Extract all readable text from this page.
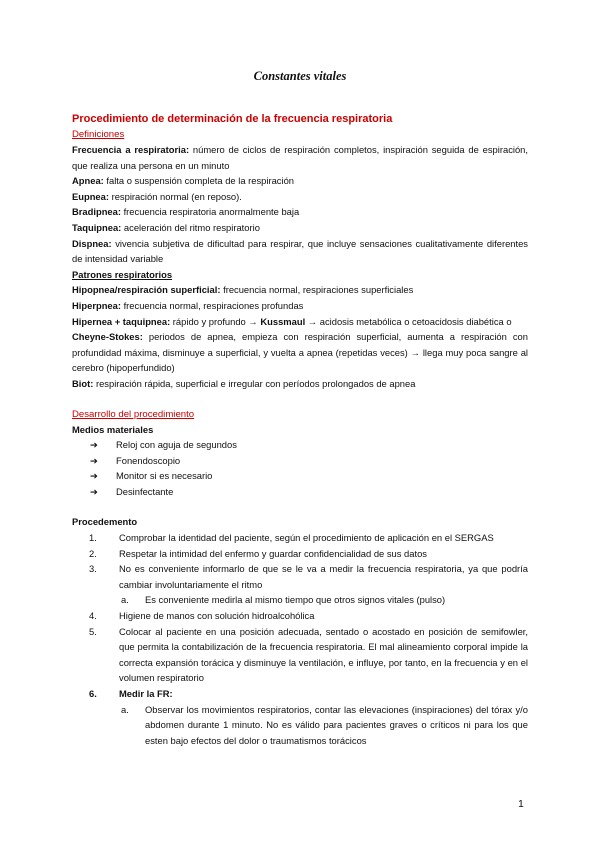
Constantes vitales
Procedimiento de determinación de la frecuencia respiratoria
Definiciones
Frecuencia a respiratoria: número de ciclos de respiración completos, inspiración seguida de espiración, que realiza una persona en un minuto
Apnea: falta o suspensión completa de la respiración
Eupnea: respiración normal (en reposo).
Bradipnea: frecuencia respiratoria anormalmente baja
Taquipnea: aceleración del ritmo respiratorio
Dispnea: vivencia subjetiva de dificultad para respirar, que incluye sensaciones cualitativamente diferentes de intensidad variable
Patrones respiratorios
Hipopnea/respiración superficial: frecuencia normal, respiraciones superficiales
Hiperpnea: frecuencia normal, respiraciones profundas
Hipernea + taquipnea: rápido y profundo → Kussmaul → acidosis metabólica o cetoacidosis diabética o
Cheyne-Stokes: periodos de apnea, empieza con respiración superficial, aumenta a respiración con profundidad máxima, disminuye a superficial, y vuelta a apnea (repetidas veces) → llega muy poca sangre al cerebro (hipoperfundido)
Biot: respiración rápida, superficial e irregular con períodos prolongados de apnea
Desarrollo del procedimiento
Medios materiales
➔ Reloj con aguja de segundos
➔ Fonendoscopio
➔ Monitor si es necesario
➔ Desinfectante
Procedemento
1. Comprobar la identidad del paciente, según el procedimiento de aplicación en el SERGAS
2. Respetar la intimidad del enfermo y guardar confidencialidad de sus datos
3. No es conveniente informarlo de que se le va a medir la frecuencia respiratoria, ya que podría cambiar involuntariamente el ritmo
a. Es conveniente medirla al mismo tiempo que otros signos vitales (pulso)
4. Higiene de manos con solución hidroalcohólica
5. Colocar al paciente en una posición adecuada, sentado o acostado en posición de semifowler, que permita la contabilización de la frecuencia respiratoria. El mal alineamiento corporal impide la correcta expansión torácica y disminuye la ventilación, e influye, por tanto, en la frecuencia y en el volumen respiratorio
6. Medir la FR:
a. Observar los movimientos respiratorios, contar las elevaciones (inspiraciones) del tórax y/o abdomen durante 1 minuto. No es válido para pacientes graves o críticos ni para los que esten bajo efectos del dolor o traumatismos torácicos
1
